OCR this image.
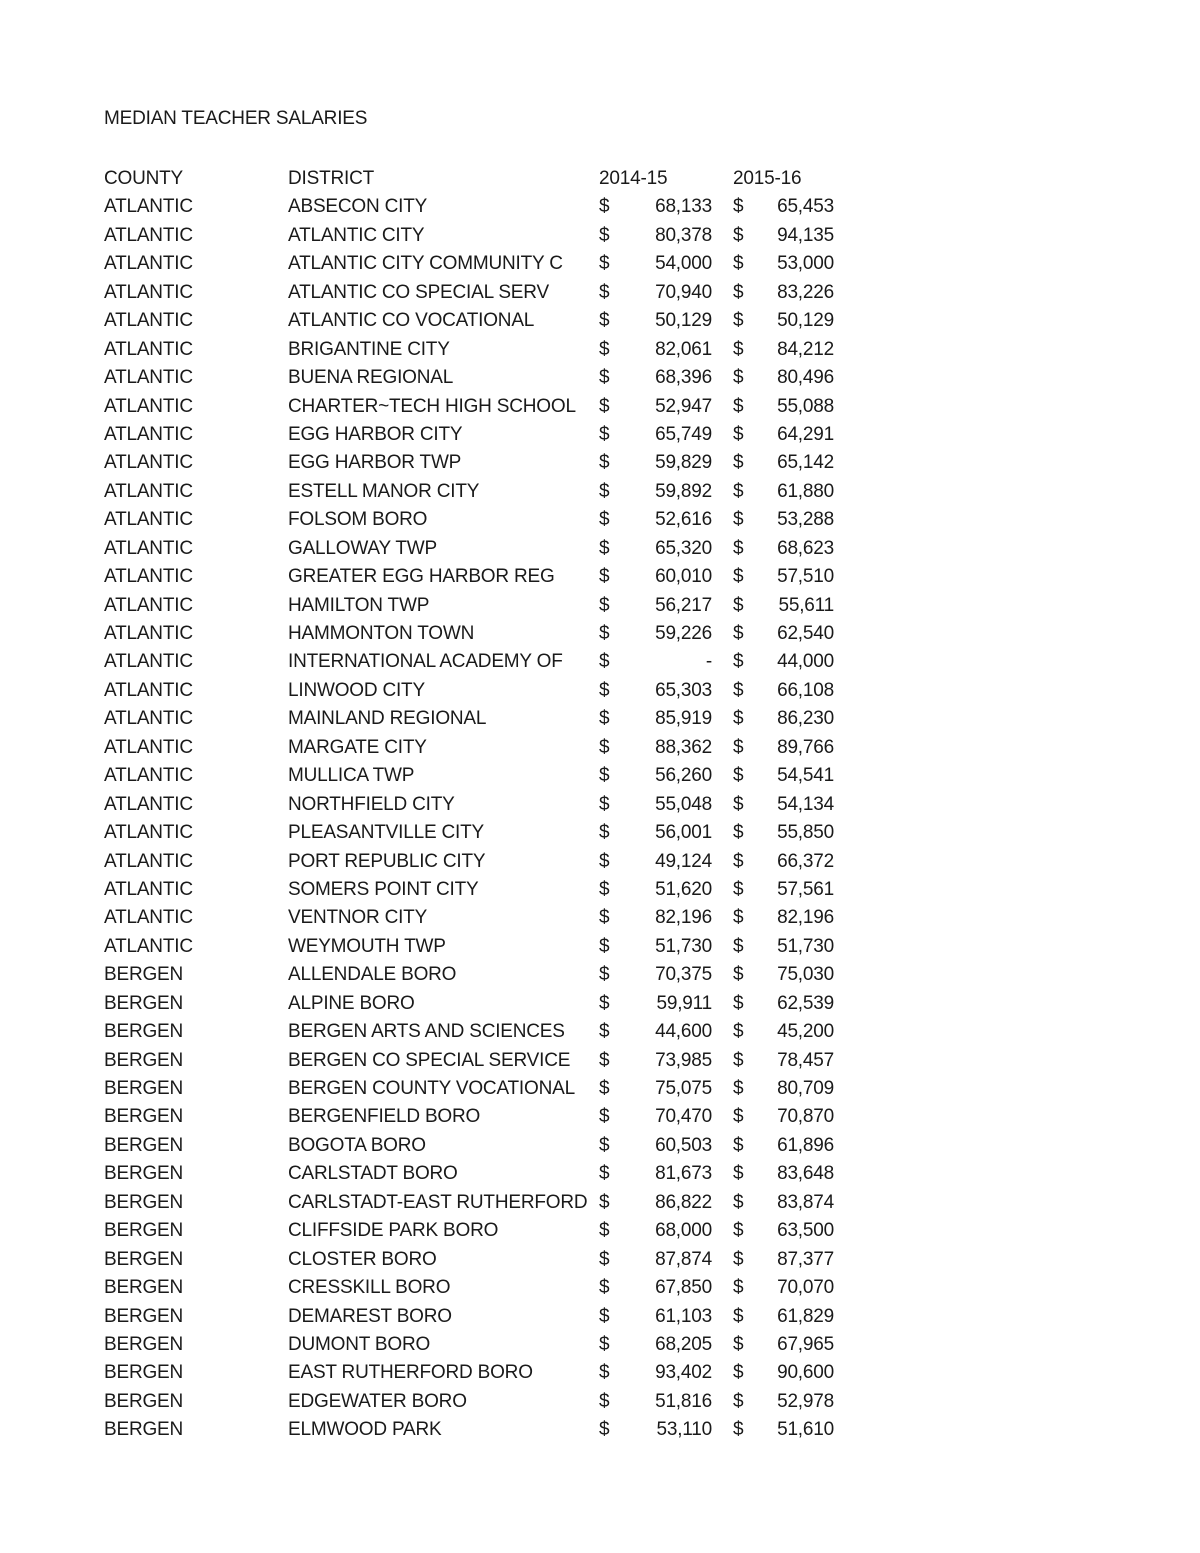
MEDIAN TEACHER SALARIES
COUNTY	DISTRICT	2014-15	2015-16
ATLANTIC	ABSECON CITY	$	68,133 $	65,453
ATLANTIC	ATLANTIC CITY	$	80,378 $	94,135
ATLANTIC	ATLANTIC CITY COMMUNITY C $	54,000 $	53,000
ATLANTIC	ATLANTIC CO SPECIAL SERV	$	70,940 $	83,226
ATLANTIC	ATLANTIC CO VOCATIONAL	$	50,129 $	50,129
ATLANTIC	BRIGANTINE CITY	$	82,061 $	84,212
ATLANTIC	BUENA REGIONAL	$	68,396 $	80,496
ATLANTIC	CHARTER~TECH HIGH SCHOOL $	52,947 $	55,088
ATLANTIC	EGG HARBOR CITY	$	65,749 $	64,291
ATLANTIC	EGG HARBOR TWP	$	59,829 $	65,142
ATLANTIC	ESTELL MANOR CITY	$	59,892 $	61,880
ATLANTIC	FOLSOM BORO	$	52,616 $	53,288
ATLANTIC	GALLOWAY TWP	$	65,320 $	68,623
ATLANTIC	GREATER EGG HARBOR REG $	60,010 $	57,510
ATLANTIC	HAMILTON TWP	$	56,217 $	55,611
ATLANTIC	HAMMONTON TOWN	$	59,226 $	62,540
ATLANTIC	INTERNATIONAL ACADEMY OF $	-	$	44,000
ATLANTIC	LINWOOD CITY	$	65,303 $	66,108
ATLANTIC	MAINLAND REGIONAL	$	85,919 $	86,230
ATLANTIC	MARGATE CITY	$	88,362 $	89,766
ATLANTIC	MULLICA TWP	$	56,260 $	54,541
ATLANTIC	NORTHFIELD CITY	$	55,048 $	54,134
ATLANTIC	PLEASANTVILLE CITY	$	56,001 $	55,850
ATLANTIC	PORT REPUBLIC CITY	$	49,124 $	66,372
ATLANTIC	SOMERS POINT CITY	$	51,620 $	57,561
ATLANTIC	VENTNOR CITY	$	82,196 $	82,196
ATLANTIC	WEYMOUTH TWP	$	51,730 $	51,730
BERGEN	ALLENDALE BORO	$	70,375 $	75,030
BERGEN	ALPINE BORO	$	59,911 $	62,539
BERGEN	BERGEN ARTS AND SCIENCES $	44,600 $	45,200
BERGEN	BERGEN CO SPECIAL SERVICE $	73,985 $	78,457
BERGEN	BERGEN COUNTY VOCATIONAL $	75,075 $	80,709
BERGEN	BERGENFIELD BORO	$	70,470 $	70,870
BERGEN	BOGOTA BORO	$	60,503 $	61,896
BERGEN	CARLSTADT BORO	$	81,673 $	83,648
BERGEN	CARLSTADT-EAST RUTHERFORD $	86,822 $	83,874
BERGEN	CLIFFSIDE PARK BORO	$	68,000 $	63,500
BERGEN	CLOSTER BORO	$	87,874 $	87,377
BERGEN	CRESSKILL BORO	$	67,850 $	70,070
BERGEN	DEMAREST BORO	$	61,103 $	61,829
BERGEN	DUMONT BORO	$	68,205 $	67,965
BERGEN	EAST RUTHERFORD BORO	$	93,402 $	90,600
BERGEN	EDGEWATER BORO	$	51,816 $	52,978
BERGEN	ELMWOOD PARK	$	53,110 $	51,610
